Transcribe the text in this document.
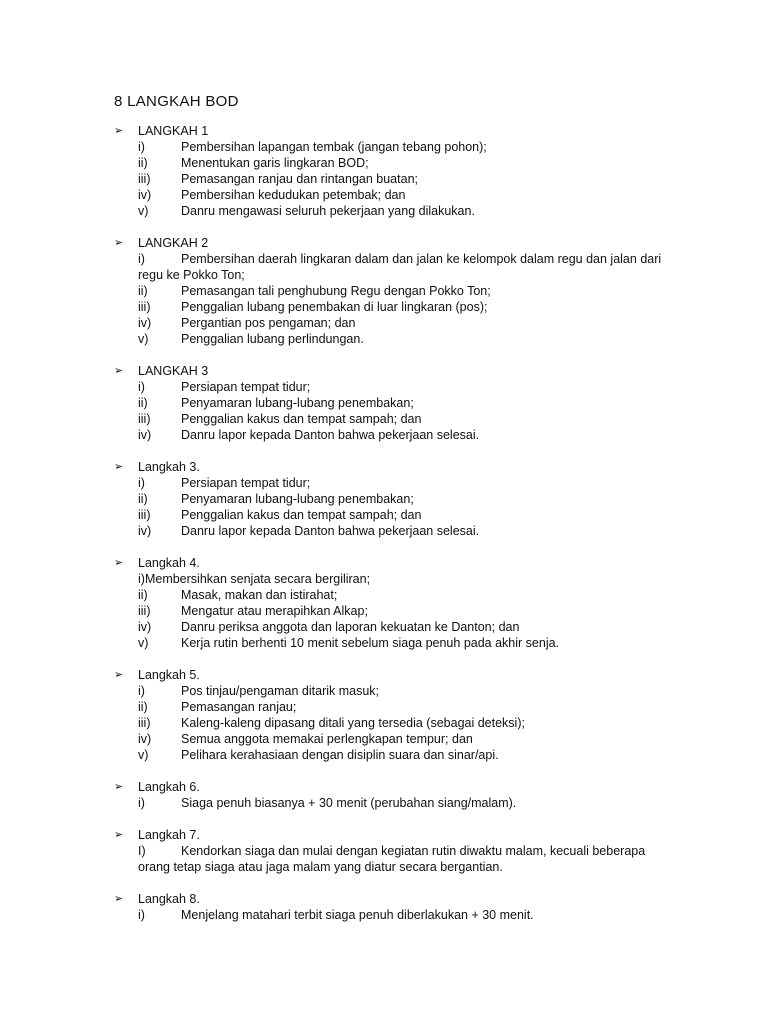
8 LANGKAH BOD
➢	LANGKAH 1
i)	Pembersihan lapangan tembak (jangan tebang pohon);
ii)	Menentukan garis lingkaran BOD;
iii)	Pemasangan ranjau dan rintangan buatan;
iv)	Pembersihan kedudukan petembak; dan
v)	Danru mengawasi seluruh pekerjaan yang dilakukan.
➢	LANGKAH 2
i)	Pembersihan daerah lingkaran dalam dan jalan ke kelompok dalam regu dan jalan dari
regu ke Pokko Ton;
ii)	Pemasangan tali penghubung Regu dengan Pokko Ton;
iii)	Penggalian lubang penembakan di luar lingkaran (pos);
iv)	Pergantian pos pengaman; dan
v)	Penggalian lubang perlindungan.
➢	LANGKAH 3
i)	Persiapan tempat tidur;
ii)	Penyamaran lubang-lubang penembakan;
iii)	Penggalian kakus dan tempat sampah; dan
iv)	Danru lapor kepada Danton bahwa pekerjaan selesai.
➢	Langkah 3.
i)	Persiapan tempat tidur;
ii)	Penyamaran lubang-lubang penembakan;
iii)	Penggalian kakus dan tempat sampah; dan
iv)	Danru lapor kepada Danton bahwa pekerjaan selesai.
➢	Langkah 4.
i) Membersihkan senjata secara bergiliran;
ii)	Masak, makan dan istirahat;
iii)	Mengatur atau merapihkan Alkap;
iv)	Danru periksa anggota dan laporan kekuatan ke Danton; dan
v)	Kerja rutin berhenti 10 menit sebelum siaga penuh pada akhir senja.
➢	Langkah 5.
i)	Pos tinjau/pengaman ditarik masuk;
ii)	Pemasangan ranjau;
iii)	Kaleng-kaleng dipasang ditali yang tersedia (sebagai deteksi);
iv)	Semua anggota memakai perlengkapan tempur; dan
v)	Pelihara kerahasiaan dengan disiplin suara dan sinar/api.
➢	Langkah 6.
i)	Siaga penuh biasanya + 30 menit (perubahan siang/malam).
➢	Langkah 7.
I)	Kendorkan siaga dan mulai dengan kegiatan rutin diwaktu malam, kecuali beberapa
orang tetap siaga atau jaga malam yang diatur secara bergantian.
➢	Langkah 8.
i)	Menjelang matahari terbit siaga penuh diberlakukan + 30 menit.
